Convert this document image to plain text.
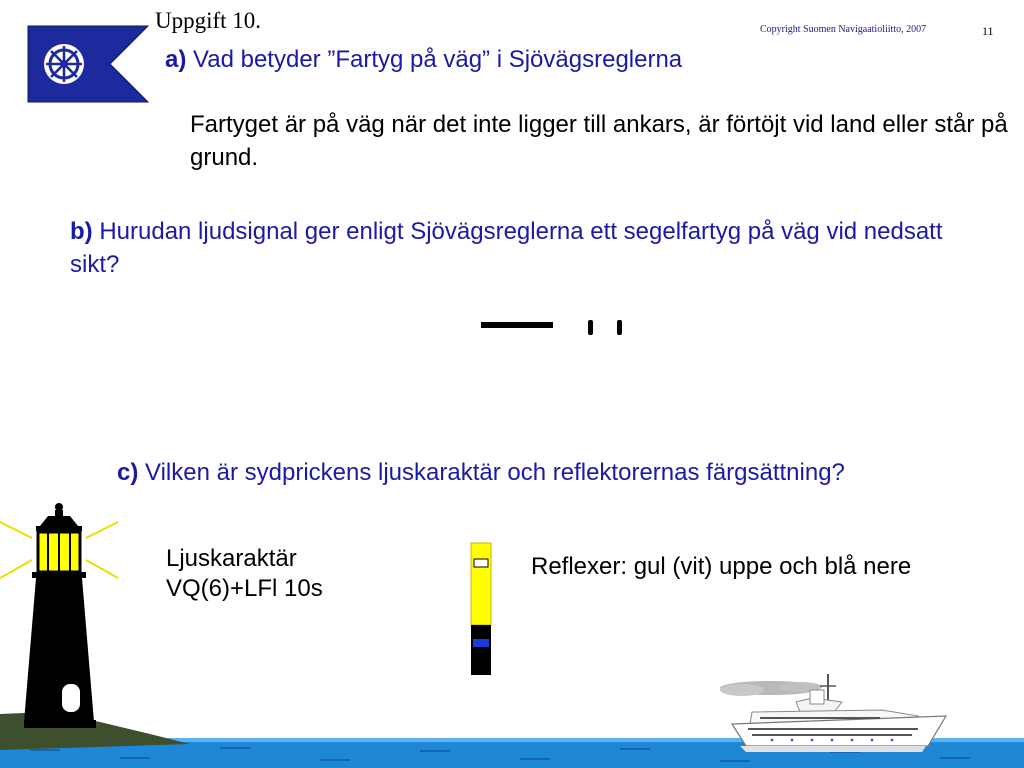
Uppgift 10.	Copyright Suomen Navigaatioliitto, 2007	11
a) Vad betyder ”Fartyg på väg” i Sjövägsreglerna
Fartyget är på väg när det inte ligger till ankars, är förtöjt vid land eller står på grund.
b) Hurudan ljudsignal ger enligt Sjövägsreglerna ett segelfartyg på väg vid nedsatt sikt?
c) Vilken är sydprickens ljuskaraktär och reflektorernas färgsättning?
Ljuskaraktär
VQ(6)+LFl 10s
Reflexer: gul (vit) uppe och blå nere
